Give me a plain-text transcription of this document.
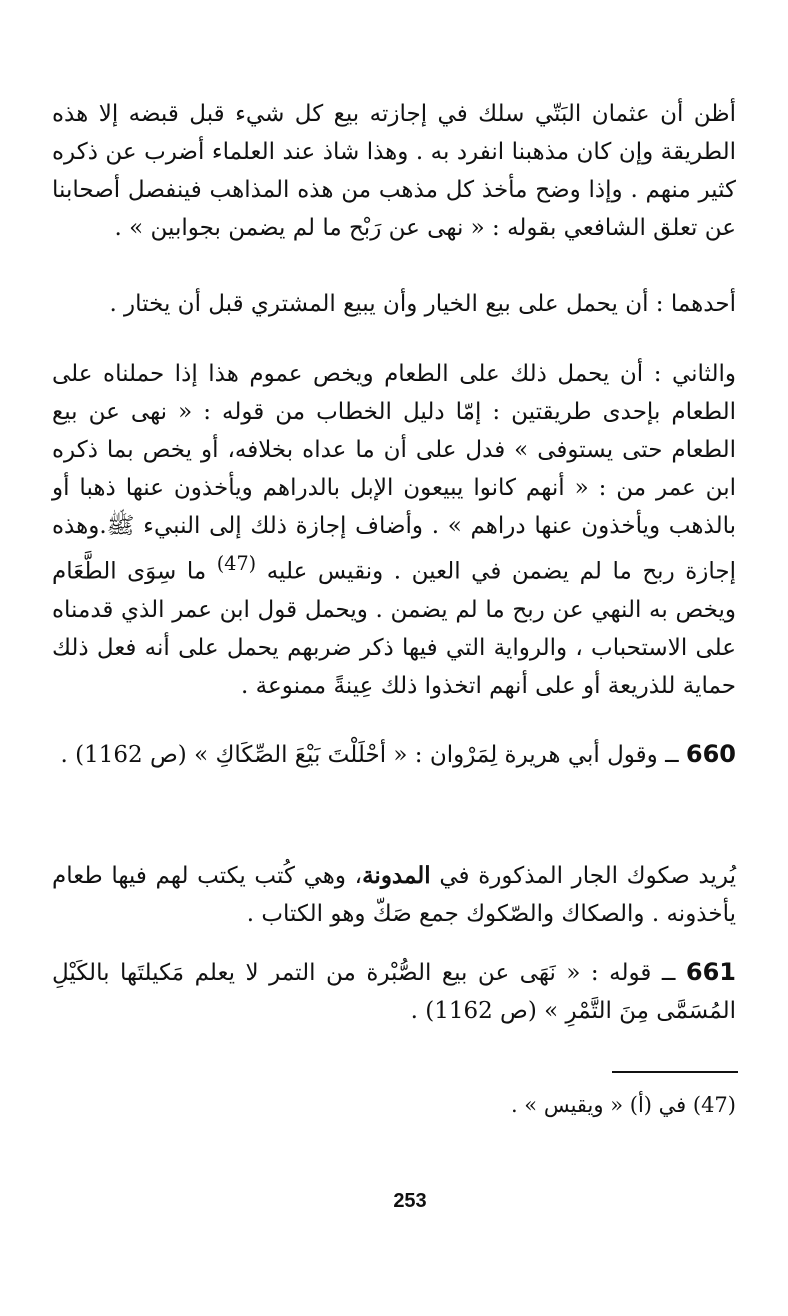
أظن أن عثمان البَتّي سلك في إجازته بيع كل شيء قبل قبضه إلا هذه الطريقة وإن كان مذهبنا انفرد به . وهذا شاذ عند العلماء أضرب عن ذكره كثير منهم . وإذا وضح مأخذ كل مذهب من هذه المذاهب فينفصل أصحابنا عن تعلق الشافعي بقوله : « نهى عن رَبْح ما لم يضمن بجوابين » .

أحدهما : أن يحمل على بيع الخيار وأن يبيع المشتري قبل أن يختار .

والثاني : أن يحمل ذلك على الطعام ويخص عموم هذا إذا حملناه على الطعام بإحدى طريقتين : إمّا دليل الخطاب من قوله : « نهى عن بيع الطعام حتى يستوفى » فدل على أن ما عداه بخلافه، أو يخص بما ذكره ابن عمر من : « أنهم كانوا يبيعون الإبل بالدراهم ويأخذون عنها ذهبا أو بالذهب ويأخذون عنها دراهم » . وأضاف إجازة ذلك إلى النبيء ﷺ.وهذه إجازة ربح ما لم يضمن في العين . ونقيس عليه $^{(47)}$ ما سِوَى الطَّعَام ويخص به النهي عن ربح ما لم يضمن . ويحمل قول ابن عمر الذي قدمناه على الاستحباب ، والرواية التي فيها ذكر ضربهم يحمل على أنه فعل ذلك حماية للذريعة أو على أنهم اتخذوا ذلك عِينةً ممنوعة .

660 ــ وقول أبي هريرة لِمَرْوان : « أحْلَلْتَ بَيْعَ الصِّكَاكِ » (ص 1162) .

يُريد صكوك الجار المذكورة في المدونة، وهي كُتب يكتب لهم فيها طعام يأخذونه . والصكاك والصّكوك جمع صَكّ وهو الكتاب .

661 ــ قوله : « نَهَى عن بيع الصُّبْرة من التمر لا يعلم مَكيلتَها بالكَيْلِ المُسَمَّى مِنَ التَّمْرِ » (ص 1162) .

(47) في (أ) « ويقيس » .

253
